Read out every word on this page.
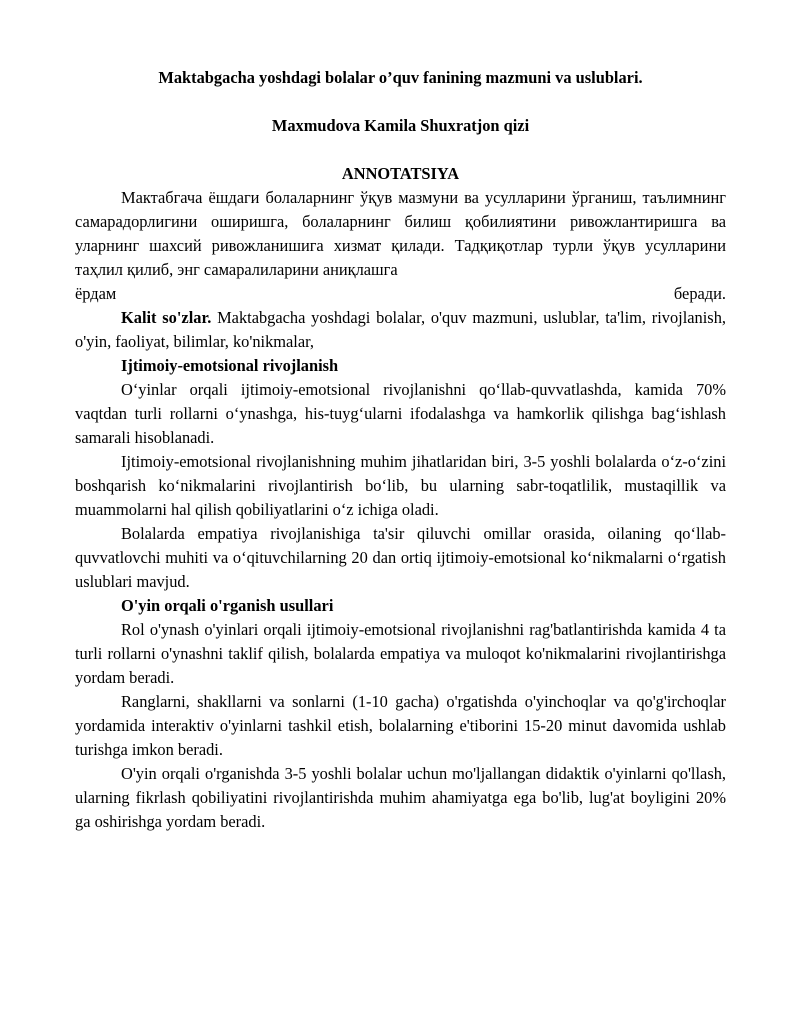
Maktabgacha yoshdagi bolalar o’quv fanining mazmuni va uslublari.

Maxmudova Kamila Shuxratjon qizi

ANNOTATSIYA

Мактабгача ёшдаги болаларнинг ўқув мазмуни ва усулларини ўрганиш, таълимнинг самарадорлигини оширишга, болаларнинг билиш қобилиятини ривожлантиришга ва уларнинг шахсий ривожланишига хизмат қилади. Тадқиқотлар турли ўқув усулларини таҳлил қилиб, энг самаралиларини аниқлашга

ёрдам	беради.

Kalit so'zlar. Maktabgacha yoshdagi bolalar, o'quv mazmuni, uslublar, ta'lim, rivojlanish, o'yin, faoliyat, bilimlar, ko'nikmalar,

Ijtimoiy-emotsional rivojlanish

O‘yinlar orqali ijtimoiy-emotsional rivojlanishni qo‘llab-quvvatlashda, kamida 70% vaqtdan turli rollarni o‘ynashga, his-tuyg‘ularni ifodalashga va hamkorlik qilishga bag‘ishlash samarali hisoblanadi.

Ijtimoiy-emotsional rivojlanishning muhim jihatlaridan biri, 3-5 yoshli bolalarda o‘z-o‘zini boshqarish ko‘nikmalarini rivojlantirish bo‘lib, bu ularning sabr-toqatlilik, mustaqillik va muammolarni hal qilish qobiliyatlarini o‘z ichiga oladi.

Bolalarda empatiya rivojlanishiga ta'sir qiluvchi omillar orasida, oilaning qo‘llab-quvvatlovchi muhiti va o‘qituvchilarning 20 dan ortiq ijtimoiy-emotsional ko‘nikmalarni o‘rgatish uslublari mavjud.

O'yin orqali o'rganish usullari

Rol o'ynash o'yinlari orqali ijtimoiy-emotsional rivojlanishni rag'batlantirishda kamida 4 ta turli rollarni o'ynashni taklif qilish, bolalarda empatiya va muloqot ko'nikmalarini rivojlantirishga yordam beradi.

Ranglarni, shakllarni va sonlarni (1-10 gacha) o'rgatishda o'yinchoqlar va qo'g'irchoqlar yordamida interaktiv o'yinlarni tashkil etish, bolalarning e'tiborini 15-20 minut davomida ushlab turishga imkon beradi.

O'yin orqali o'rganishda 3-5 yoshli bolalar uchun mo'ljallangan didaktik o'yinlarni qo'llash, ularning fikrlash qobiliyatini rivojlantirishda muhim ahamiyatga ega bo'lib, lug'at boyligini 20% ga oshirishga yordam beradi.
